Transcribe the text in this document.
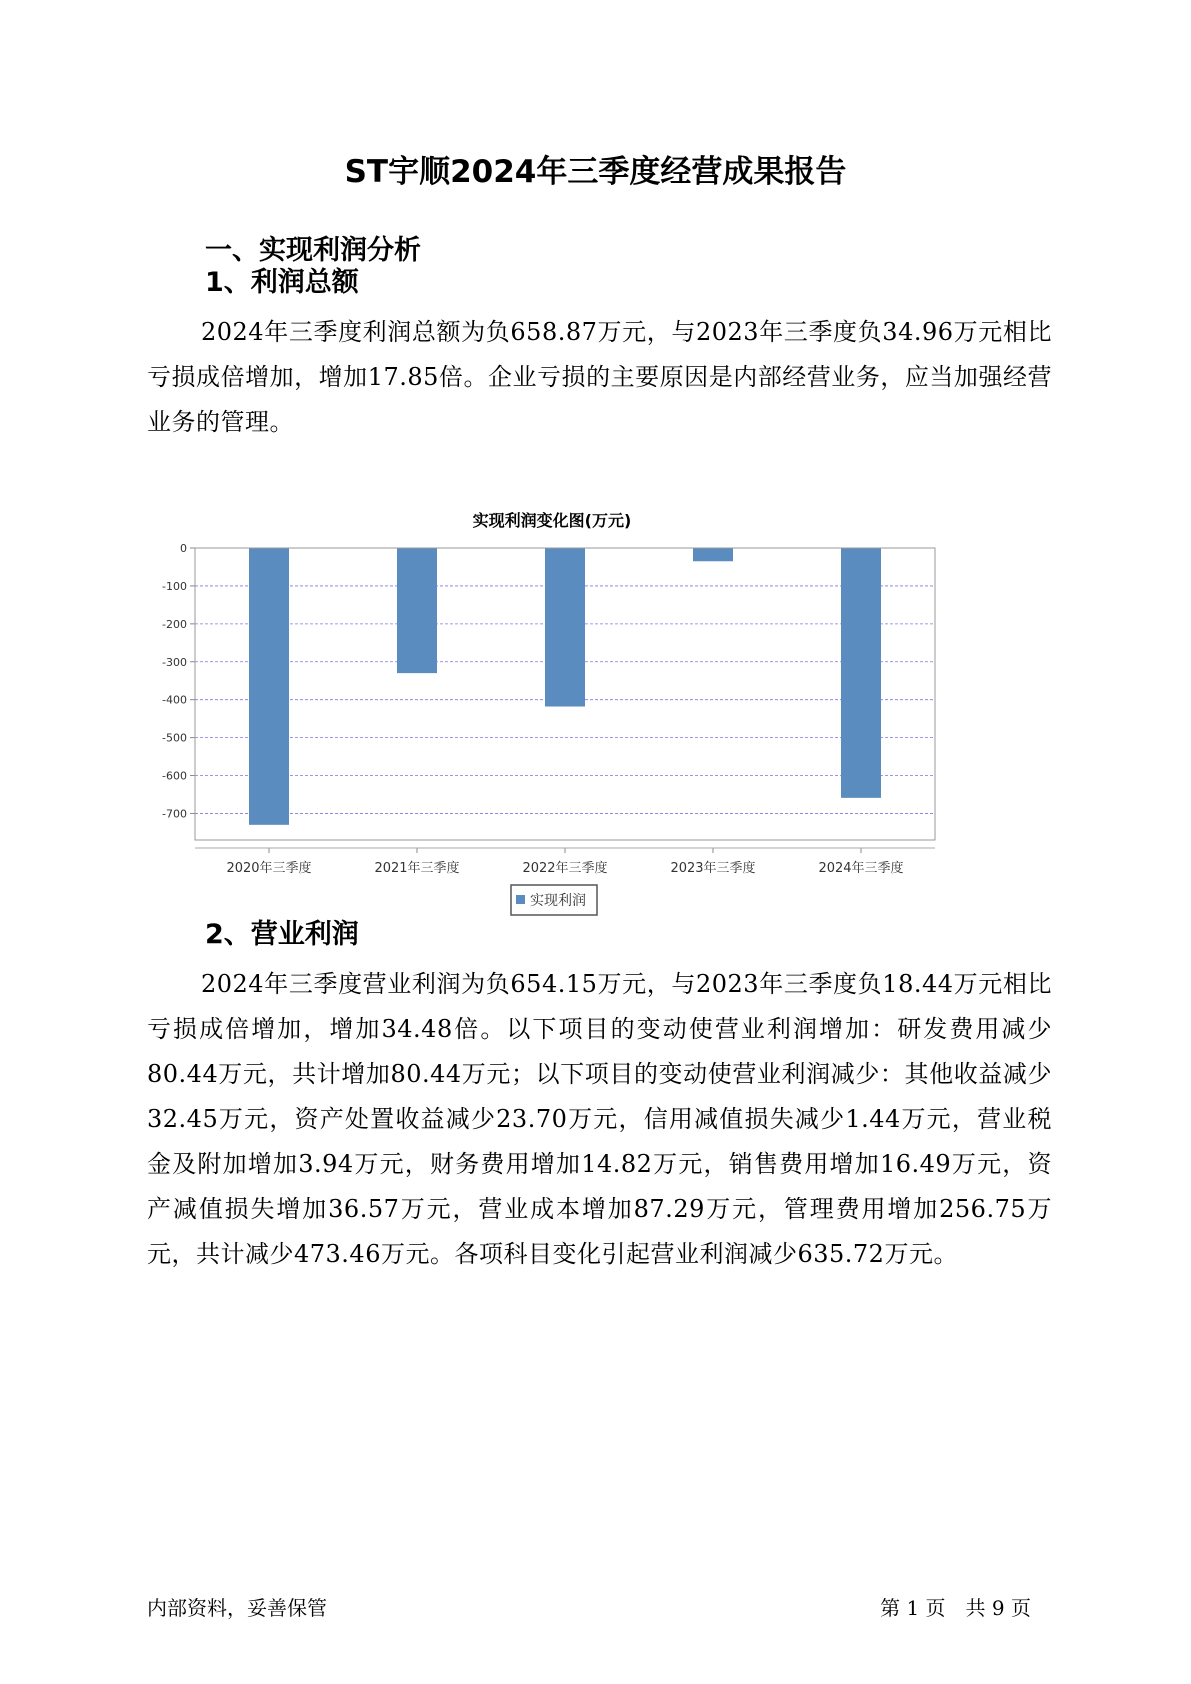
ST宇顺2024年三季度经营成果报告
一、实现利润分析
1、利润总额

2024年三季度利润总额为负658.87万元，与2023年三季度负34.96万元相比亏损成倍增加，增加17.85倍。企业亏损的主要原因是内部经营业务，应当加强经营业务的管理。

实现利润变化图(万元)
0
-100
-200
-300
-400
-500
-600
-700
2020年三季度	2021年三季度	2022年三季度	2023年三季度	2024年三季度
实现利润
2、营业利润

2024年三季度营业利润为负654.15万元，与2023年三季度负18.44万元相比亏损成倍增加，增加34.48倍。以下项目的变动使营业利润增加：研发费用减少80.44万元，共计增加80.44万元；以下项目的变动使营业利润减少：其他收益减少32.45万元，资产处置收益减少23.70万元，信用减值损失减少1.44万元，营业税金及附加增加3.94万元，财务费用增加14.82万元，销售费用增加16.49万元，资产减值损失增加36.57万元，营业成本增加87.29万元，管理费用增加256.75万元，共计减少473.46万元。各项科目变化引起营业利润减少635.72万元。

内部资料，妥善保管	第 1 页　共 9 页
